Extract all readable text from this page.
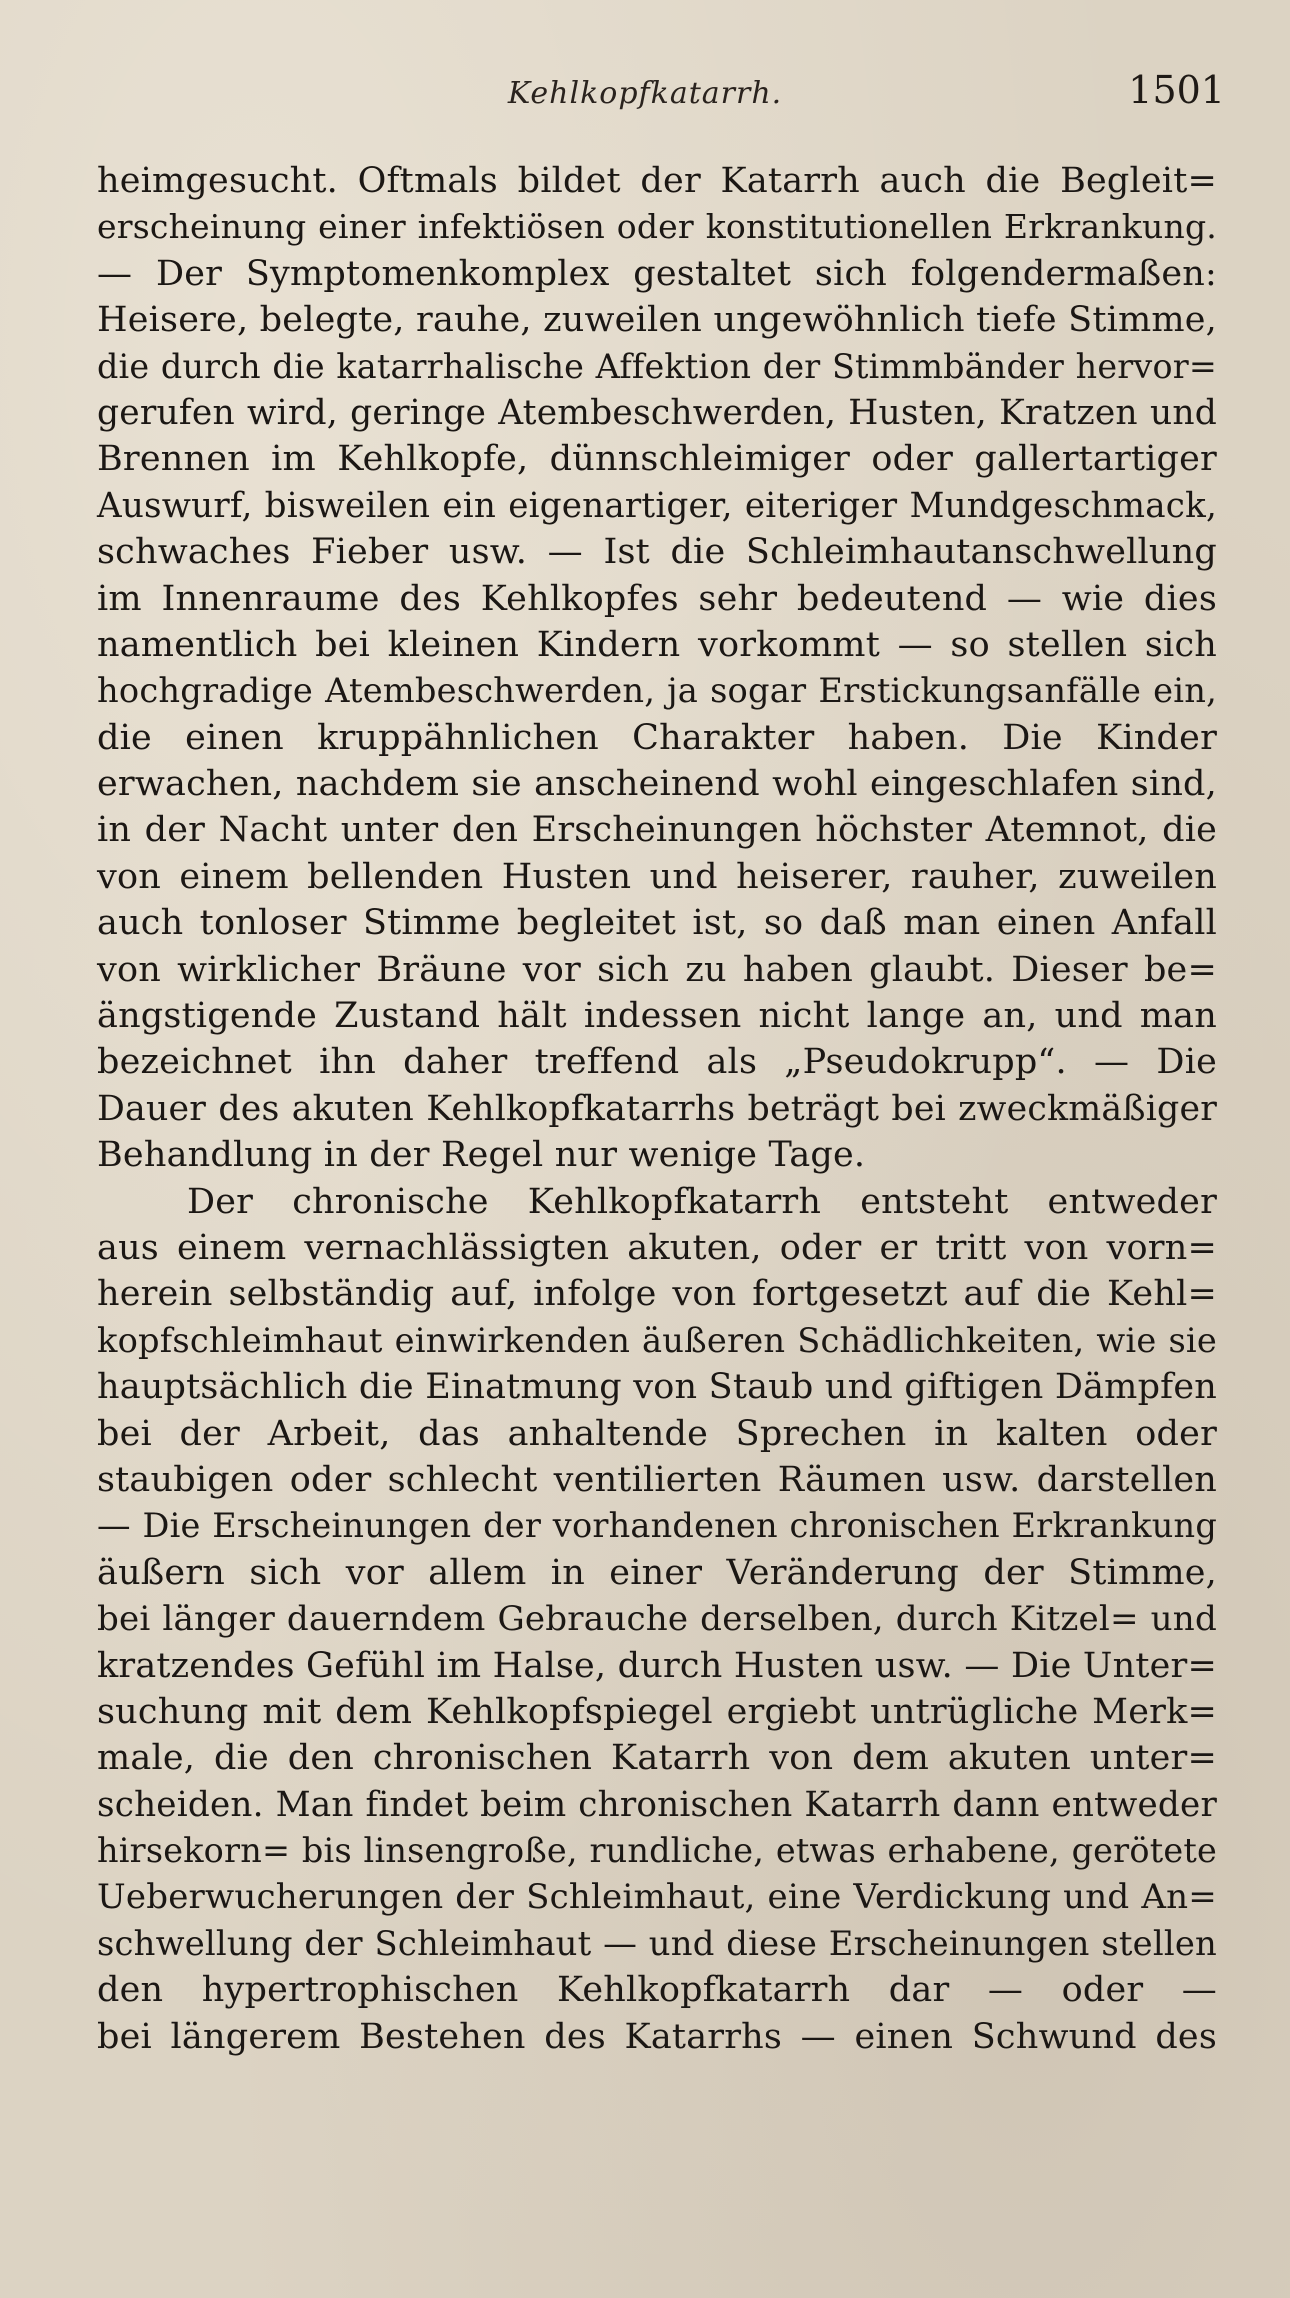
Kehlkopfkatarrh.	1501
heimgesucht. Oftmals bildet der Katarrh auch die Begleit=
erscheinung einer infektiösen oder konstitutionellen Erkrankung.
— Der Symptomenkomplex gestaltet sich folgendermaßen:
Heisere, belegte, rauhe, zuweilen ungewöhnlich tiefe Stimme,
die durch die katarrhalische Affektion der Stimmbänder hervor=
gerufen wird, geringe Atembeschwerden, Husten, Kratzen und
Brennen im Kehlkopfe, dünnschleimiger oder gallertartiger
Auswurf, bisweilen ein eigenartiger, eiteriger Mundgeschmack,
schwaches Fieber usw. — Ist die Schleimhautanschwellung
im Innenraume des Kehlkopfes sehr bedeutend — wie dies
namentlich bei kleinen Kindern vorkommt — so stellen sich
hochgradige Atembeschwerden, ja sogar Erstickungsanfälle ein,
die einen kruppähnlichen Charakter haben. Die Kinder
erwachen, nachdem sie anscheinend wohl eingeschlafen sind,
in der Nacht unter den Erscheinungen höchster Atemnot, die
von einem bellenden Husten und heiserer, rauher, zuweilen
auch tonloser Stimme begleitet ist, so daß man einen Anfall
von wirklicher Bräune vor sich zu haben glaubt. Dieser be=
ängstigende Zustand hält indessen nicht lange an, und man
bezeichnet ihn daher treffend als „Pseudokrupp“. — Die
Dauer des akuten Kehlkopfkatarrhs beträgt bei zweckmäßiger
Behandlung in der Regel nur wenige Tage.
Der chronische Kehlkopfkatarrh entsteht entweder
aus einem vernachlässigten akuten, oder er tritt von vorn=
herein selbständig auf, infolge von fortgesetzt auf die Kehl=
kopfschleimhaut einwirkenden äußeren Schädlichkeiten, wie sie
hauptsächlich die Einatmung von Staub und giftigen Dämpfen
bei der Arbeit, das anhaltende Sprechen in kalten oder
staubigen oder schlecht ventilierten Räumen usw. darstellen
— Die Erscheinungen der vorhandenen chronischen Erkrankung
äußern sich vor allem in einer Veränderung der Stimme,
bei länger dauerndem Gebrauche derselben, durch Kitzel= und
kratzendes Gefühl im Halse, durch Husten usw. — Die Unter=
suchung mit dem Kehlkopfspiegel ergiebt untrügliche Merk=
male, die den chronischen Katarrh von dem akuten unter=
scheiden. Man findet beim chronischen Katarrh dann entweder
hirsekorn= bis linsengroße, rundliche, etwas erhabene, gerötete
Ueberwucherungen der Schleimhaut, eine Verdickung und An=
schwellung der Schleimhaut — und diese Erscheinungen stellen
den hypertrophischen Kehlkopfkatarrh dar — oder —
bei längerem Bestehen des Katarrhs — einen Schwund des
